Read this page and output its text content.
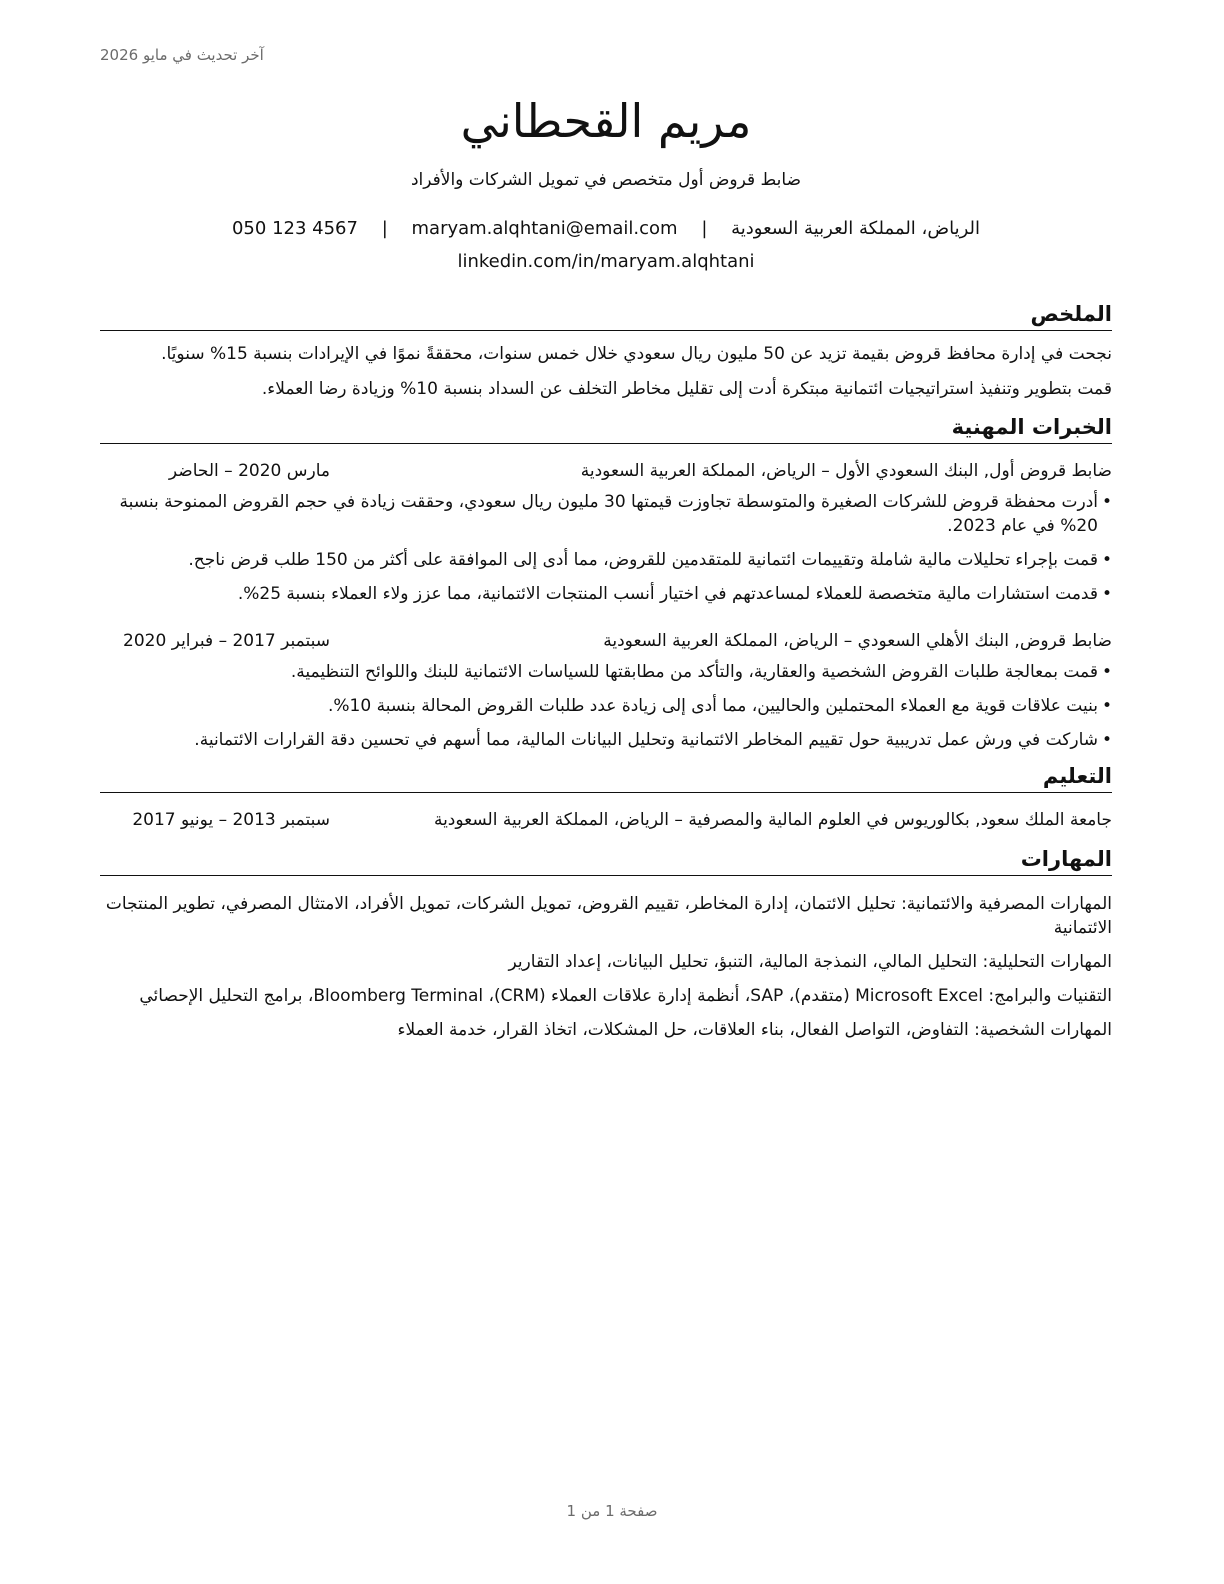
آخر تحديث في مايو 2026
مريم القحطاني
ضابط قروض أول متخصص في تمويل الشركات والأفراد
الرياض، المملكة العربية السعودية | maryam.alqhtani@email.com | 050 123 4567
linkedin.com/in/maryam.alqhtani
الملخص

نجحت في إدارة محافظ قروض بقيمة تزيد عن 50 مليون ريال سعودي خلال خمس سنوات، محققةً نموًا في الإيرادات بنسبة 15% سنويًا.

قمت بتطوير وتنفيذ استراتيجيات ائتمانية مبتكرة أدت إلى تقليل مخاطر التخلف عن السداد بنسبة 10% وزيادة رضا العملاء.

الخبرات المهنية
ضابط قروض أول, البنك السعودي الأول – الرياض، المملكة العربية السعودية
مارس 2020 – الحاضر
• أدرت محفظة قروض للشركات الصغيرة والمتوسطة تجاوزت قيمتها 30 مليون ريال سعودي، وحققت زيادة في حجم القروض الممنوحة بنسبة 20% في عام 2023.
• قمت بإجراء تحليلات مالية شاملة وتقييمات ائتمانية للمتقدمين للقروض، مما أدى إلى الموافقة على أكثر من 150 طلب قرض ناجح.
• قدمت استشارات مالية متخصصة للعملاء لمساعدتهم في اختيار أنسب المنتجات الائتمانية، مما عزز ولاء العملاء بنسبة 25%.
ضابط قروض, البنك الأهلي السعودي – الرياض، المملكة العربية السعودية
سبتمبر 2017 – فبراير 2020
• قمت بمعالجة طلبات القروض الشخصية والعقارية، والتأكد من مطابقتها للسياسات الائتمانية للبنك واللوائح التنظيمية.
• بنيت علاقات قوية مع العملاء المحتملين والحاليين، مما أدى إلى زيادة عدد طلبات القروض المحالة بنسبة 10%.
• شاركت في ورش عمل تدريبية حول تقييم المخاطر الائتمانية وتحليل البيانات المالية، مما أسهم في تحسين دقة القرارات الائتمانية.
التعليم
جامعة الملك سعود, بكالوريوس في العلوم المالية والمصرفية – الرياض، المملكة العربية السعودية
سبتمبر 2013 – يونيو 2017
المهارات

المهارات المصرفية والائتمانية: تحليل الائتمان، إدارة المخاطر، تقييم القروض، تمويل الشركات، تمويل الأفراد، الامتثال المصرفي، تطوير المنتجات الائتمانية

المهارات التحليلية: التحليل المالي، النمذجة المالية، التنبؤ، تحليل البيانات، إعداد التقارير

التقنيات والبرامج: Microsoft Excel (متقدم)، SAP، أنظمة إدارة علاقات العملاء (CRM)، Bloomberg Terminal، برامج التحليل الإحصائي

المهارات الشخصية: التفاوض، التواصل الفعال، بناء العلاقات، حل المشكلات، اتخاذ القرار، خدمة العملاء

صفحة 1 من 1
